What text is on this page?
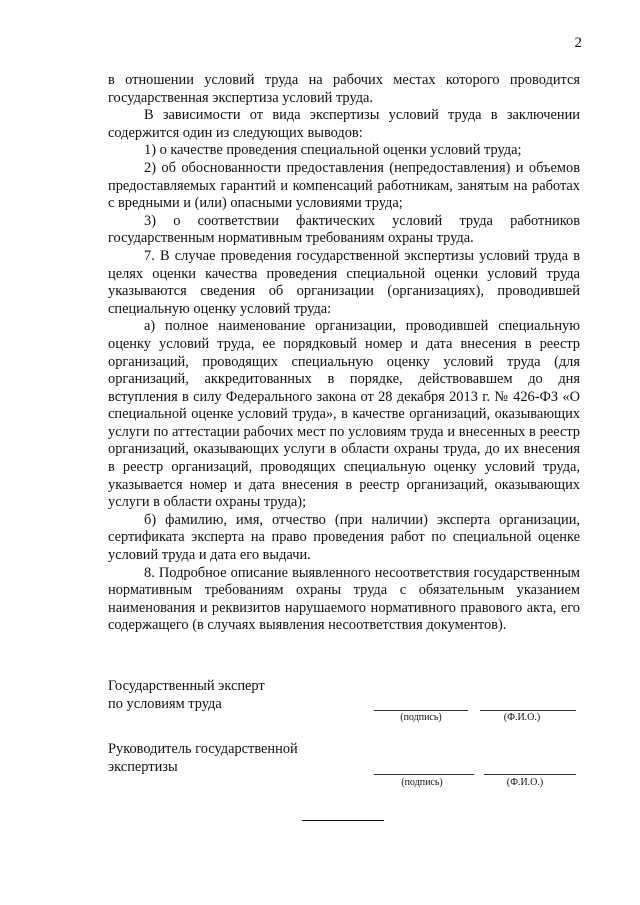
2

в отношении условий труда на рабочих местах которого проводится государственная экспертиза условий труда.

В зависимости от вида экспертизы условий труда в заключении содержится один из следующих выводов:

1) о качестве проведения специальной оценки условий труда;

2) об обоснованности предоставления (непредоставления) и объемов предоставляемых гарантий и компенсаций работникам, занятым на работах с вредными и (или) опасными условиями труда;

3) о соответствии фактических условий труда работников государственным нормативным требованиям охраны труда.

7. В случае проведения государственной экспертизы условий труда в целях оценки качества проведения специальной оценки условий труда указываются сведения об организации (организациях), проводившей специальную оценку условий труда:

а) полное наименование организации, проводившей специальную оценку условий труда, ее порядковый номер и дата внесения в реестр организаций, проводящих специальную оценку условий труда (для организаций, аккредитованных в порядке, действовавшем до дня вступления в силу Федерального закона от 28 декабря 2013 г. № 426-ФЗ «О специальной оценке условий труда», в качестве организаций, оказывающих услуги по аттестации рабочих мест по условиям труда и внесенных в реестр организаций, оказывающих услуги в области охраны труда, до их внесения в реестр организаций, проводящих специальную оценку условий труда, указывается номер и дата внесения в реестр организаций, оказывающих услуги в области охраны труда);

б) фамилию, имя, отчество (при наличии) эксперта организации, сертификата эксперта на право проведения работ по специальной оценке условий труда и дата его выдачи.

8. Подробное описание выявленного несоответствия государственным нормативным требованиям охраны труда с обязательным указанием наименования и реквизитов нарушаемого нормативного правового акта, его содержащего (в случаях выявления несоответствия документов).

Государственный эксперт
по условиям труда
(подпись)	(Ф.И.О.)
Руководитель государственной
экспертизы
(подпись)	(Ф.И.О.)
